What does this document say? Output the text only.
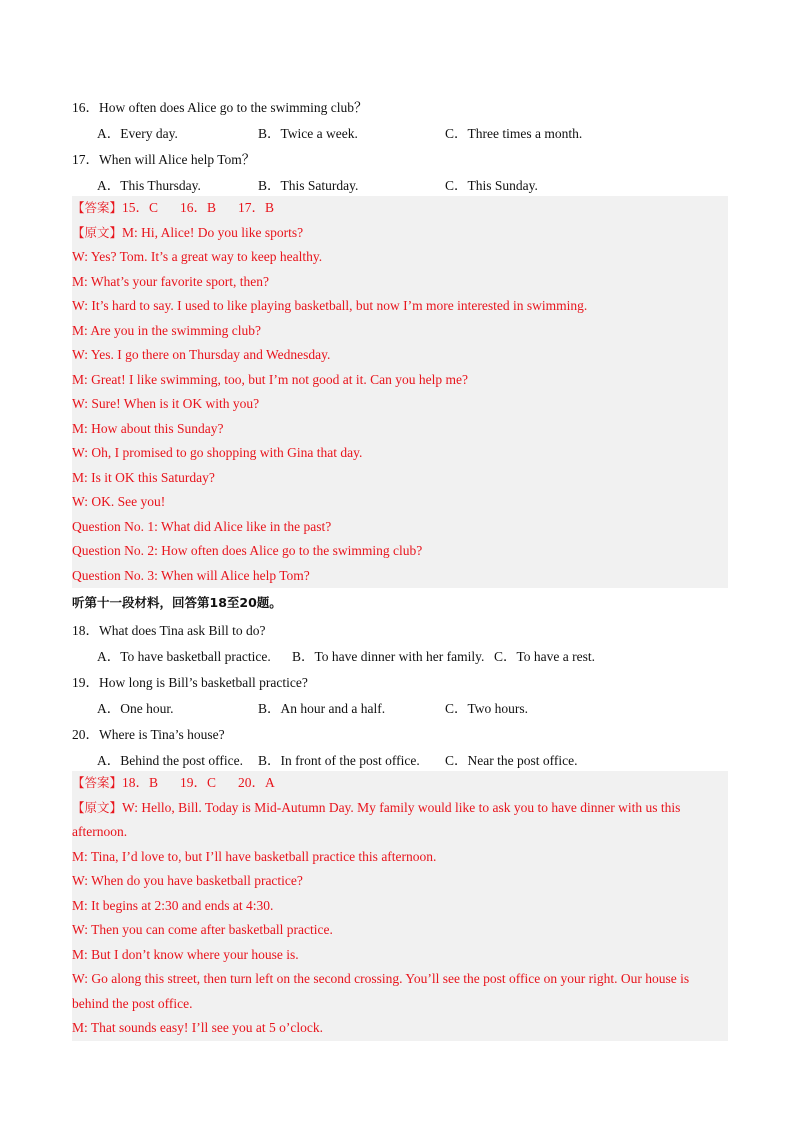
16．How often does Alice go to the swimming club？
A．Every day.	B．Twice a week.	C．Three times a month.
17．When will Alice help Tom？
A．This Thursday.	B．This Saturday.	C．This Sunday.
【答案】15．C 16．B 17．B
【原文】M: Hi, Alice! Do you like sports?
W: Yes? Tom. It’s a great way to keep healthy.
M: What’s your favorite sport, then?
W: It’s hard to say. I used to like playing basketball, but now I’m more interested in swimming.
M: Are you in the swimming club?
W: Yes. I go there on Thursday and Wednesday.
M: Great! I like swimming, too, but I’m not good at it. Can you help me?
W: Sure! When is it OK with you?
M: How about this Sunday?
W: Oh, I promised to go shopping with Gina that day.
M: Is it OK this Saturday?
W: OK. See you!
Question No. 1: What did Alice like in the past?
Question No. 2: How often does Alice go to the swimming club?
Question No. 3: When will Alice help Tom?
听第十一段材料，回答第18至20题。
18．What does Tina ask Bill to do?
A．To have basketball practice. B．To have dinner with her family. C．To have a rest.
19．How long is Bill’s basketball practice?
A．One hour.	B．An hour and a half.	C．Two hours.
20．Where is Tina’s house?
A．Behind the post office. B．In front of the post office. C．Near the post office.
【答案】18．B 19．C 20．A
【原文】W: Hello, Bill. Today is Mid-Autumn Day. My family would like to ask you to have dinner with us this afternoon.
M: Tina, I’d love to, but I’ll have basketball practice this afternoon.
W: When do you have basketball practice?
M: It begins at 2:30 and ends at 4:30.
W: Then you can come after basketball practice.
M: But I don’t know where your house is.
W: Go along this street, then turn left on the second crossing. You’ll see the post office on your right. Our house is behind the post office.
M: That sounds easy! I’ll see you at 5 o’clock.
